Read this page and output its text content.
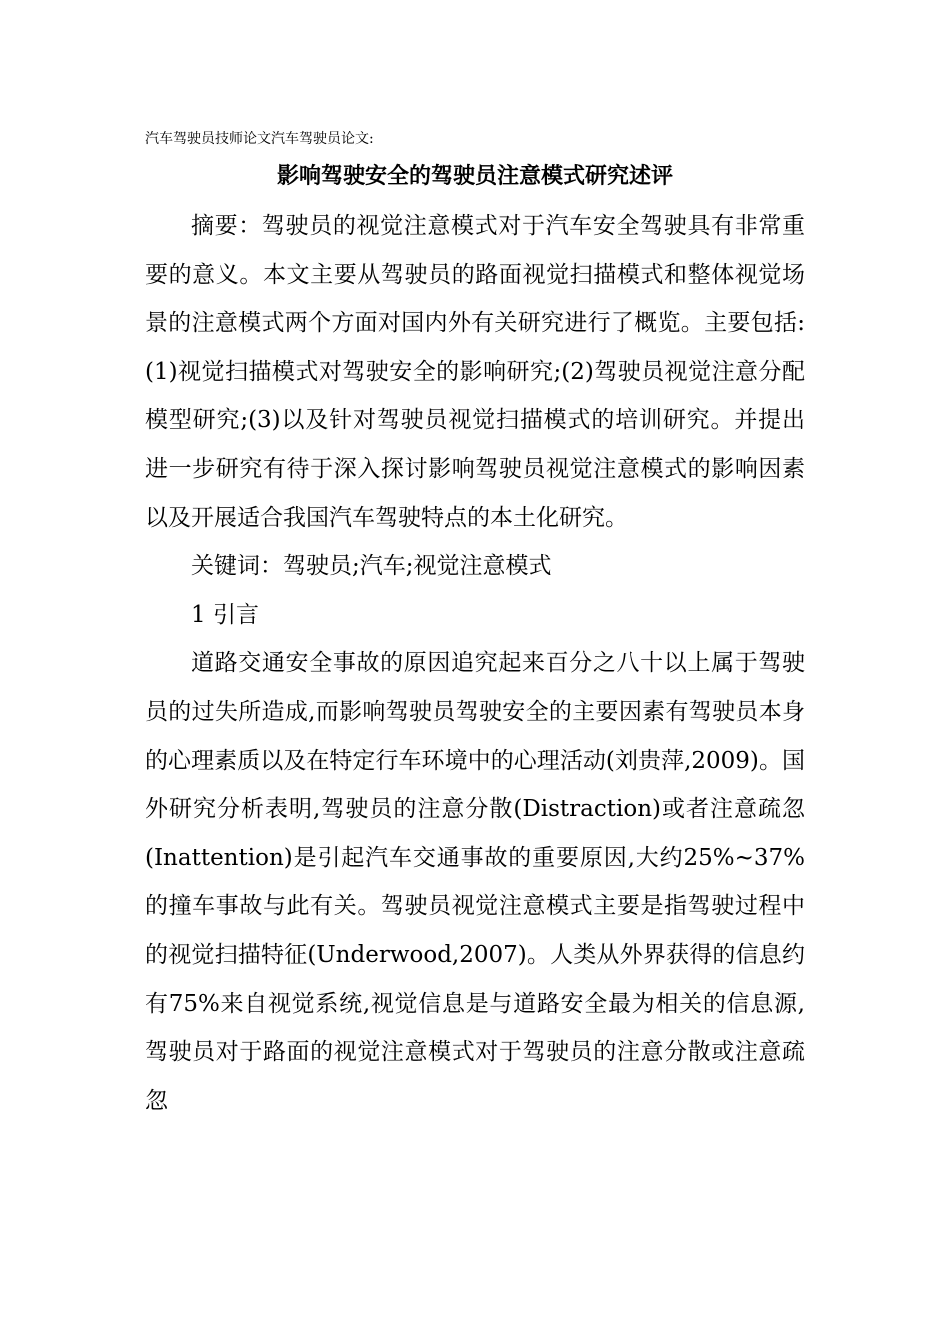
汽车驾驶员技师论文汽车驾驶员论文:
影响驾驶安全的驾驶员注意模式研究述评

摘要：驾驶员的视觉注意模式对于汽车安全驾驶具有非常重要的意义。本文主要从驾驶员的路面视觉扫描模式和整体视觉场景的注意模式两个方面对国内外有关研究进行了概览。主要包括:(1)视觉扫描模式对驾驶安全的影响研究;(2)驾驶员视觉注意分配模型研究;(3)以及针对驾驶员视觉扫描模式的培训研究。并提出进一步研究有待于深入探讨影响驾驶员视觉注意模式的影响因素以及开展适合我国汽车驾驶特点的本土化研究。

关键词：驾驶员;汽车;视觉注意模式

1 引言

道路交通安全事故的原因追究起来百分之八十以上属于驾驶员的过失所造成,而影响驾驶员驾驶安全的主要因素有驾驶员本身的心理素质以及在特定行车环境中的心理活动(刘贵萍,2009)。国外研究分析表明,驾驶员的注意分散(Distraction)或者注意疏忽(Inattention)是引起汽车交通事故的重要原因,大约25%~37%的撞车事故与此有关。驾驶员视觉注意模式主要是指驾驶过程中的视觉扫描特征(Underwood,2007)。人类从外界获得的信息约有75%来自视觉系统,视觉信息是与道路安全最为相关的信息源,驾驶员对于路面的视觉注意模式对于驾驶员的注意分散或注意疏忽
